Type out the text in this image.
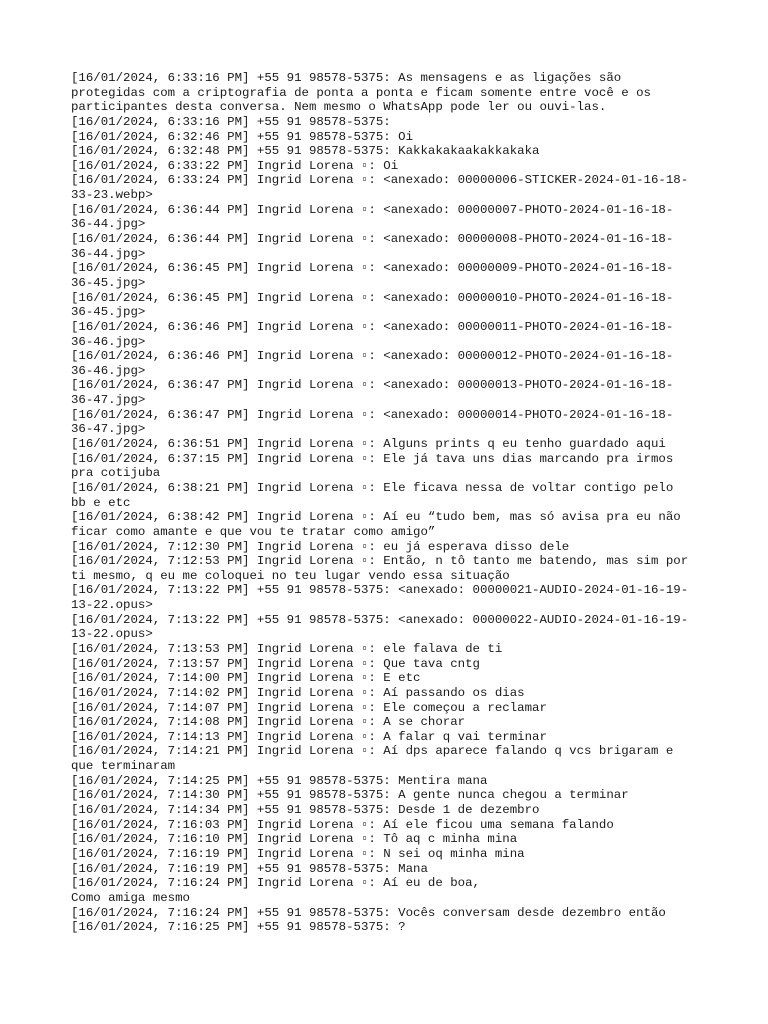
[16/01/2024, 6:33:16 PM] +55 91 98578-5375: As mensagens e as ligações são
protegidas com a criptografia de ponta a ponta e ficam somente entre você e os
participantes desta conversa. Nem mesmo o WhatsApp pode ler ou ouvi-las.
[16/01/2024, 6:33:16 PM] +55 91 98578-5375:
[16/01/2024, 6:32:46 PM] +55 91 98578-5375: Oi
[16/01/2024, 6:32:48 PM] +55 91 98578-5375: Kakkakakaakakkakaka
[16/01/2024, 6:33:22 PM] Ingrid Lorena ▫: Oi
[16/01/2024, 6:33:24 PM] Ingrid Lorena ▫: <anexado: 00000006-STICKER-2024-01-16-18-
33-23.webp>
[16/01/2024, 6:36:44 PM] Ingrid Lorena ▫: <anexado: 00000007-PHOTO-2024-01-16-18-
36-44.jpg>
[16/01/2024, 6:36:44 PM] Ingrid Lorena ▫: <anexado: 00000008-PHOTO-2024-01-16-18-
36-44.jpg>
[16/01/2024, 6:36:45 PM] Ingrid Lorena ▫: <anexado: 00000009-PHOTO-2024-01-16-18-
36-45.jpg>
[16/01/2024, 6:36:45 PM] Ingrid Lorena ▫: <anexado: 00000010-PHOTO-2024-01-16-18-
36-45.jpg>
[16/01/2024, 6:36:46 PM] Ingrid Lorena ▫: <anexado: 00000011-PHOTO-2024-01-16-18-
36-46.jpg>
[16/01/2024, 6:36:46 PM] Ingrid Lorena ▫: <anexado: 00000012-PHOTO-2024-01-16-18-
36-46.jpg>
[16/01/2024, 6:36:47 PM] Ingrid Lorena ▫: <anexado: 00000013-PHOTO-2024-01-16-18-
36-47.jpg>
[16/01/2024, 6:36:47 PM] Ingrid Lorena ▫: <anexado: 00000014-PHOTO-2024-01-16-18-
36-47.jpg>
[16/01/2024, 6:36:51 PM] Ingrid Lorena ▫: Alguns prints q eu tenho guardado aqui
[16/01/2024, 6:37:15 PM] Ingrid Lorena ▫: Ele já tava uns dias marcando pra irmos
pra cotijuba
[16/01/2024, 6:38:21 PM] Ingrid Lorena ▫: Ele ficava nessa de voltar contigo pelo
bb e etc
[16/01/2024, 6:38:42 PM] Ingrid Lorena ▫: Aí eu “tudo bem, mas só avisa pra eu não
ficar como amante e que vou te tratar como amigo”
[16/01/2024, 7:12:30 PM] Ingrid Lorena ▫: eu já esperava disso dele
[16/01/2024, 7:12:53 PM] Ingrid Lorena ▫: Então, n tô tanto me batendo, mas sim por
ti mesmo, q eu me coloquei no teu lugar vendo essa situação
[16/01/2024, 7:13:22 PM] +55 91 98578-5375: <anexado: 00000021-AUDIO-2024-01-16-19-
13-22.opus>
[16/01/2024, 7:13:22 PM] +55 91 98578-5375: <anexado: 00000022-AUDIO-2024-01-16-19-
13-22.opus>
[16/01/2024, 7:13:53 PM] Ingrid Lorena ▫: ele falava de ti
[16/01/2024, 7:13:57 PM] Ingrid Lorena ▫: Que tava cntg
[16/01/2024, 7:14:00 PM] Ingrid Lorena ▫: E etc
[16/01/2024, 7:14:02 PM] Ingrid Lorena ▫: Aí passando os dias
[16/01/2024, 7:14:07 PM] Ingrid Lorena ▫: Ele começou a reclamar
[16/01/2024, 7:14:08 PM] Ingrid Lorena ▫: A se chorar
[16/01/2024, 7:14:13 PM] Ingrid Lorena ▫: A falar q vai terminar
[16/01/2024, 7:14:21 PM] Ingrid Lorena ▫: Aí dps aparece falando q vcs brigaram e
que terminaram
[16/01/2024, 7:14:25 PM] +55 91 98578-5375: Mentira mana
[16/01/2024, 7:14:30 PM] +55 91 98578-5375: A gente nunca chegou a terminar
[16/01/2024, 7:14:34 PM] +55 91 98578-5375: Desde 1 de dezembro
[16/01/2024, 7:16:03 PM] Ingrid Lorena ▫: Aí ele ficou uma semana falando
[16/01/2024, 7:16:10 PM] Ingrid Lorena ▫: Tô aq c minha mina
[16/01/2024, 7:16:19 PM] Ingrid Lorena ▫: N sei oq minha mina
[16/01/2024, 7:16:19 PM] +55 91 98578-5375: Mana
[16/01/2024, 7:16:24 PM] Ingrid Lorena ▫: Aí eu de boa,
Como amiga mesmo
[16/01/2024, 7:16:24 PM] +55 91 98578-5375: Vocês conversam desde dezembro então
[16/01/2024, 7:16:25 PM] +55 91 98578-5375: ?
